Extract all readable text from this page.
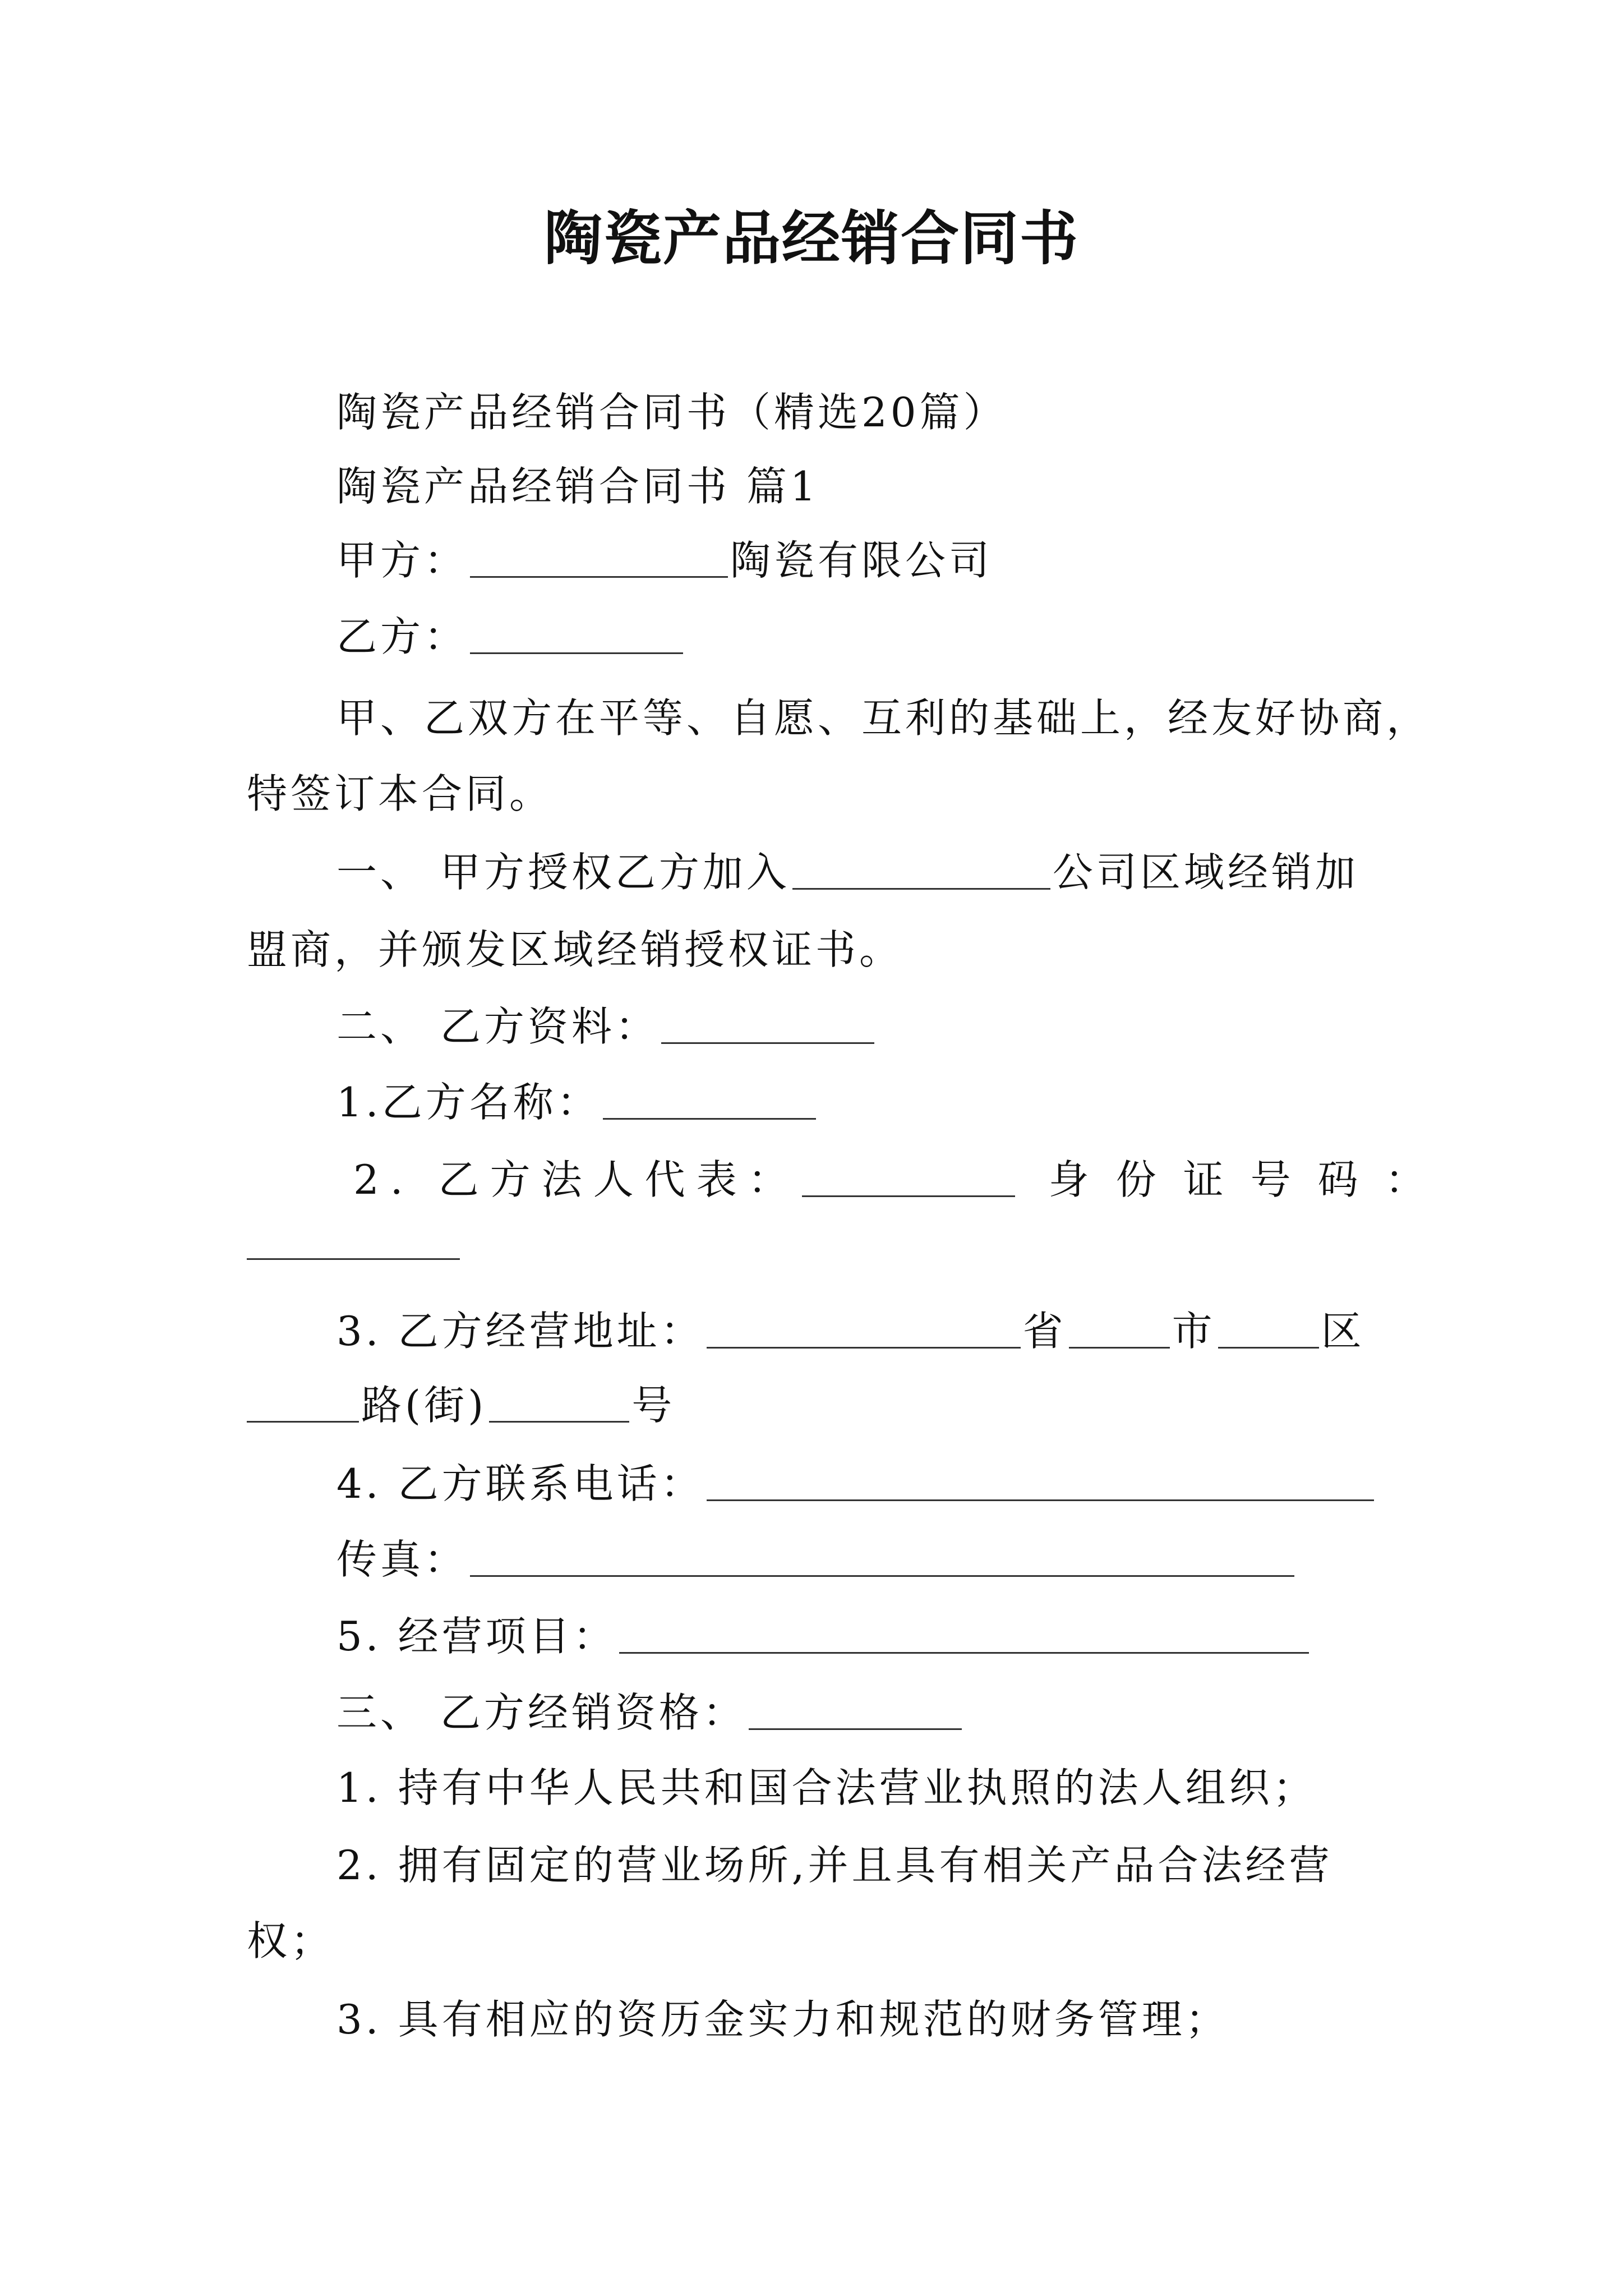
陶瓷产品经销合同书
陶瓷产品经销合同书（精选20篇）
陶瓷产品经销合同书 篇1
甲方：	陶瓷有限公司
乙方：
甲、乙双方在平等、自愿、互利的基础上，经友好协商，
特签订本合同。
一、 甲方授权乙方加入	公司区域经销加
盟商，并颁发区域经销授权证书。
二、 乙方资料：
1.乙方名称：
2. 乙方法人代表：	身份证号码：
3. 乙方经营地址：	省	市	区
路(街)	号
4. 乙方联系电话：
传真：
5. 经营项目：
三、 乙方经销资格：
1. 持有中华人民共和国合法营业执照的法人组织；
2. 拥有固定的营业场所,并且具有相关产品合法经营
权；
3. 具有相应的资历金实力和规范的财务管理；
